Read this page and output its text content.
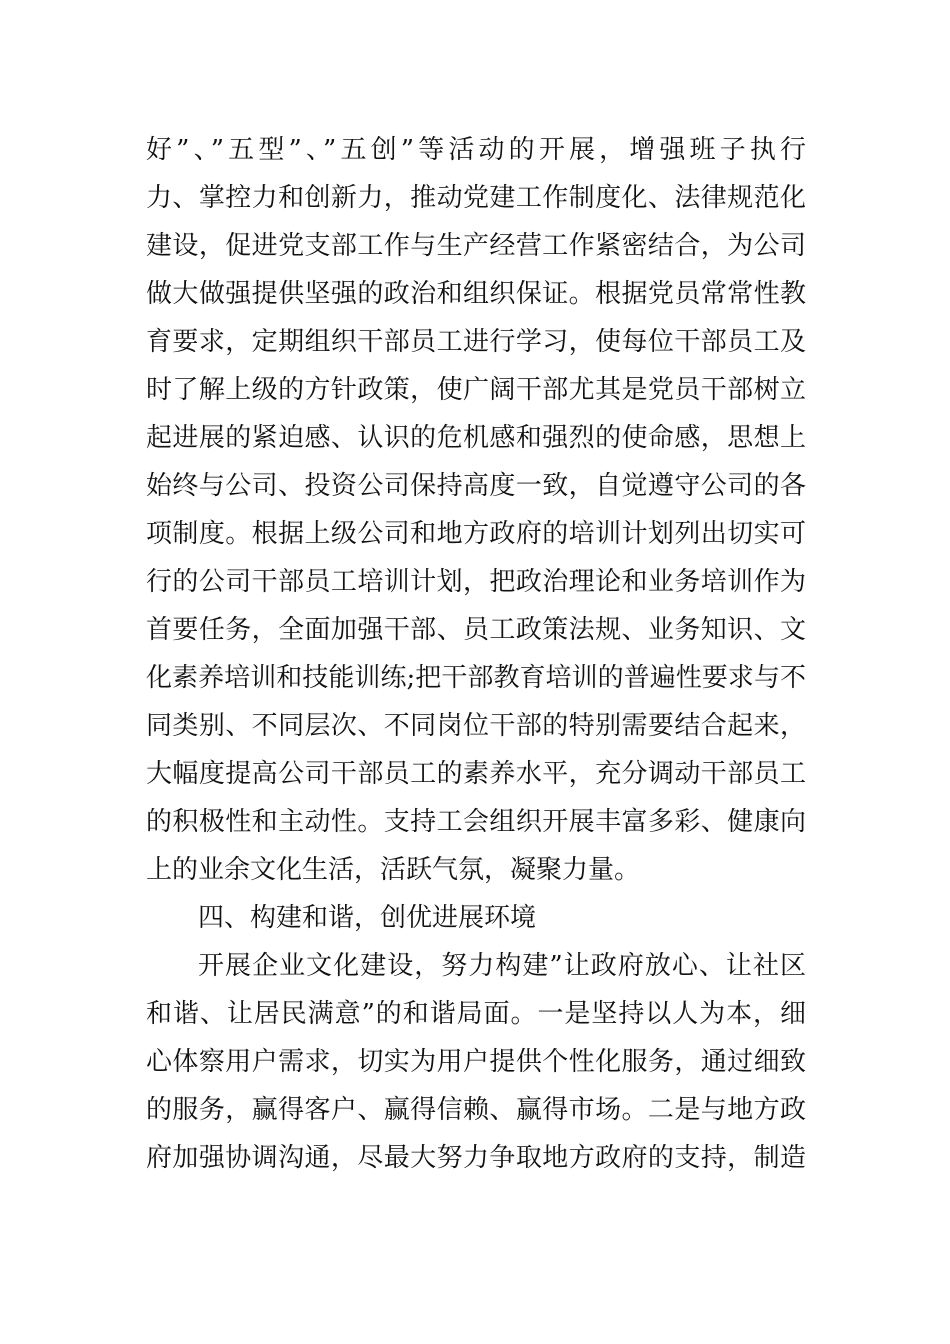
好”、”五型”、”五创”等活动的开展，增强班子执行
力、掌控力和创新力，推动党建工作制度化、法律规范化
建设，促进党支部工作与生产经营工作紧密结合，为公司
做大做强提供坚强的政治和组织保证。根据党员常常性教
育要求，定期组织干部员工进行学习，使每位干部员工及
时了解上级的方针政策，使广阔干部尤其是党员干部树立
起进展的紧迫感、认识的危机感和强烈的使命感，思想上
始终与公司、投资公司保持高度一致，自觉遵守公司的各
项制度。根据上级公司和地方政府的培训计划列出切实可
行的公司干部员工培训计划，把政治理论和业务培训作为
首要任务，全面加强干部、员工政策法规、业务知识、文
化素养培训和技能训练;把干部教育培训的普遍性要求与不
同类别、不同层次、不同岗位干部的特别需要结合起来，
大幅度提高公司干部员工的素养水平，充分调动干部员工
的积极性和主动性。支持工会组织开展丰富多彩、健康向
上的业余文化生活，活跃气氛，凝聚力量。
四、构建和谐，创优进展环境
开展企业文化建设，努力构建”让政府放心、让社区
和谐、让居民满意”的和谐局面。一是坚持以人为本，细
心体察用户需求，切实为用户提供个性化服务，通过细致
的服务，赢得客户、赢得信赖、赢得市场。二是与地方政
府加强协调沟通，尽最大努力争取地方政府的支持，制造
